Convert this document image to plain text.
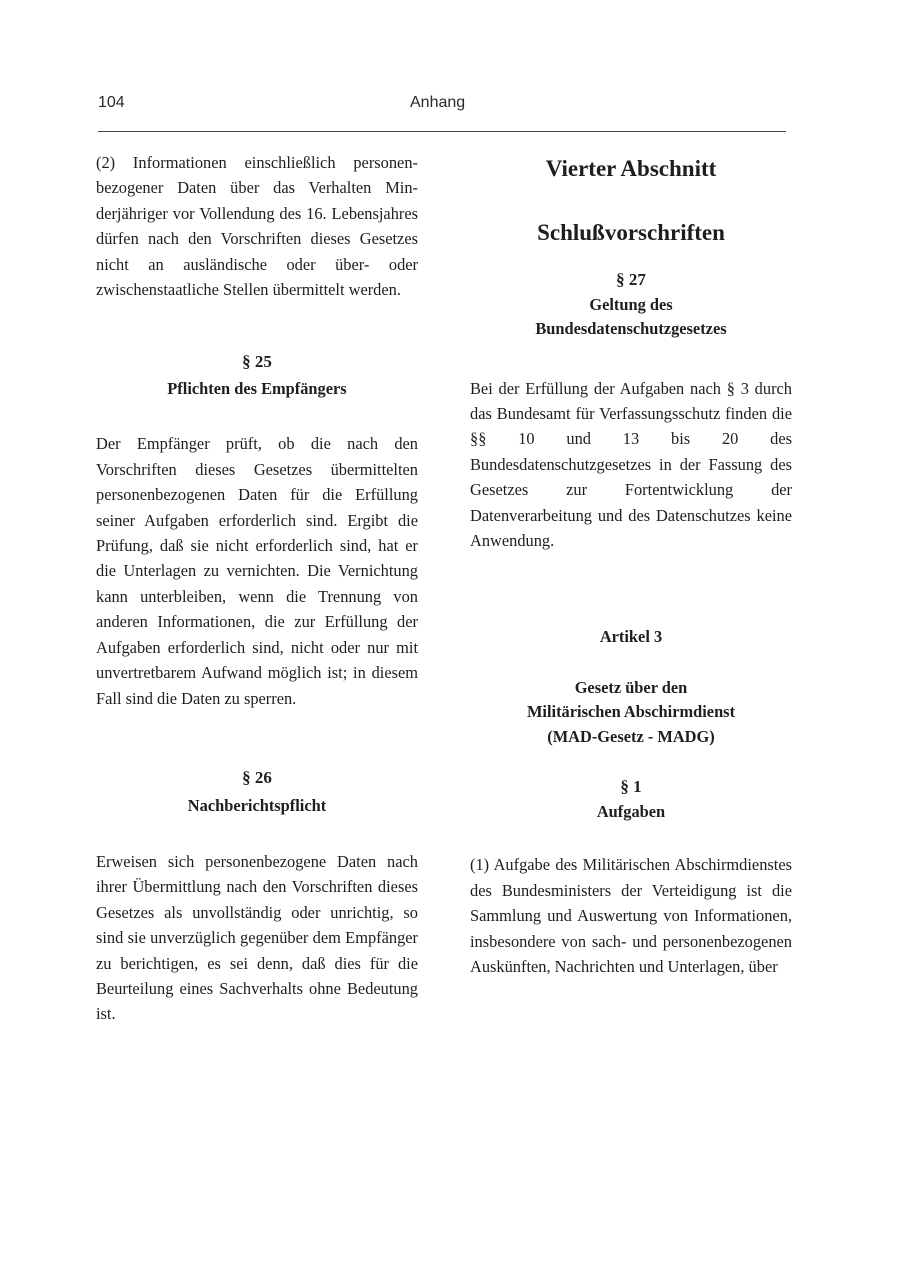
104	Anhang

(2) Informationen einschließlich personenbezogener Daten über das Verhalten Minderjähriger vor Vollendung des 16. Lebensjahres dürfen nach den Vorschriften dieses Gesetzes nicht an ausländische oder über- oder zwischenstaatliche Stellen übermittelt werden.

§ 25

Pflichten des Empfängers

Der Empfänger prüft, ob die nach den Vorschriften dieses Gesetzes übermittelten personenbezogenen Daten für die Erfüllung seiner Aufgaben erforderlich sind. Ergibt die Prüfung, daß sie nicht erforderlich sind, hat er die Unterlagen zu vernichten. Die Vernichtung kann unterbleiben, wenn die Trennung von anderen Informationen, die zur Erfüllung der Aufgaben erforderlich sind, nicht oder nur mit unvertretbarem Aufwand möglich ist; in diesem Fall sind die Daten zu sperren.

§ 26

Nachberichtspflicht

Erweisen sich personenbezogene Daten nach ihrer Übermittlung nach den Vorschriften dieses Gesetzes als unvollständig oder unrichtig, so sind sie unverzüglich gegenüber dem Empfänger zu berichtigen, es sei denn, daß dies für die Beurteilung eines Sachverhalts ohne Bedeutung ist.

Vierter Abschnitt

Schlußvorschriften

§ 27

Geltung des

Bundesdatenschutzgesetzes

Bei der Erfüllung der Aufgaben nach § 3 durch das Bundesamt für Verfassungsschutz finden die §§ 10 und 13 bis 20 des Bundesdatenschutzgesetzes in der Fassung des Gesetzes zur Fortentwicklung der Datenverarbeitung und des Datenschutzes keine Anwendung.

Artikel 3

Gesetz über den

Militärischen Abschirmdienst

(MAD-Gesetz - MADG)

§ 1

Aufgaben

(1) Aufgabe des Militärischen Abschirmdienstes des Bundesministers der Verteidigung ist die Sammlung und Auswertung von Informationen, insbesondere von sach- und personenbezogenen Auskünften, Nachrichten und Unterlagen, über
